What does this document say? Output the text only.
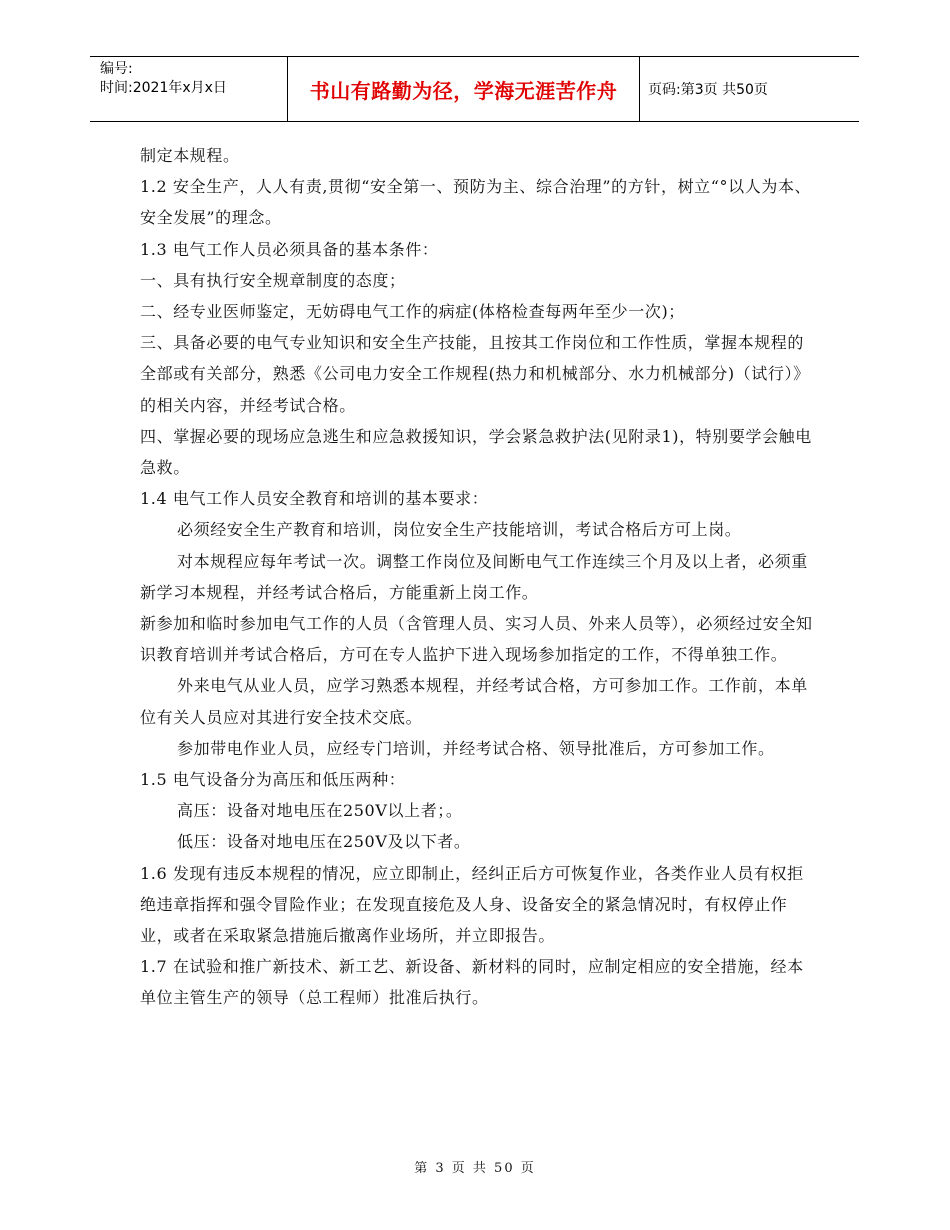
编号:
时间:2021年x月x日	书山有路勤为径，学海无涯苦作舟	页码:第3页 共50页

制定本规程。

1.2 安全生产，人人有责,贯彻“安全第一、预防为主、综合治理”的方针，树立“°以人为本、安全发展”的理念。

1.3 电气工作人员必须具备的基本条件：

一、具有执行安全规章制度的态度；

二、经专业医师鉴定，无妨碍电气工作的病症(体格检查每两年至少一次)；

三、具备必要的电气专业知识和安全生产技能，且按其工作岗位和工作性质，掌握本规程的全部或有关部分，熟悉《公司电力安全工作规程(热力和机械部分、水力机械部分)（试行）》的相关内容，并经考试合格。

四、掌握必要的现场应急逃生和应急救援知识，学会紧急救护法(见附录1)，特别要学会触电急救。

1.4 电气工作人员安全教育和培训的基本要求：

必须经安全生产教育和培训，岗位安全生产技能培训，考试合格后方可上岗。

对本规程应每年考试一次。调整工作岗位及间断电气工作连续三个月及以上者，必须重新学习本规程，并经考试合格后，方能重新上岗工作。

新参加和临时参加电气工作的人员（含管理人员、实习人员、外来人员等），必须经过安全知识教育培训并考试合格后，方可在专人监护下进入现场参加指定的工作，不得单独工作。

外来电气从业人员，应学习熟悉本规程，并经考试合格，方可参加工作。工作前，本单位有关人员应对其进行安全技术交底。

参加带电作业人员，应经专门培训，并经考试合格、领导批准后，方可参加工作。

1.5 电气设备分为高压和低压两种：

高压：设备对地电压在250V以上者；。

低压：设备对地电压在250V及以下者。

1.6 发现有违反本规程的情况，应立即制止，经纠正后方可恢复作业，各类作业人员有权拒绝违章指挥和强令冒险作业；在发现直接危及人身、设备安全的紧急情况时，有权停止作业，或者在采取紧急措施后撤离作业场所，并立即报告。

1.7 在试验和推广新技术、新工艺、新设备、新材料的同时，应制定相应的安全措施，经本单位主管生产的领导（总工程师）批准后执行。

第 3 页 共 50 页
